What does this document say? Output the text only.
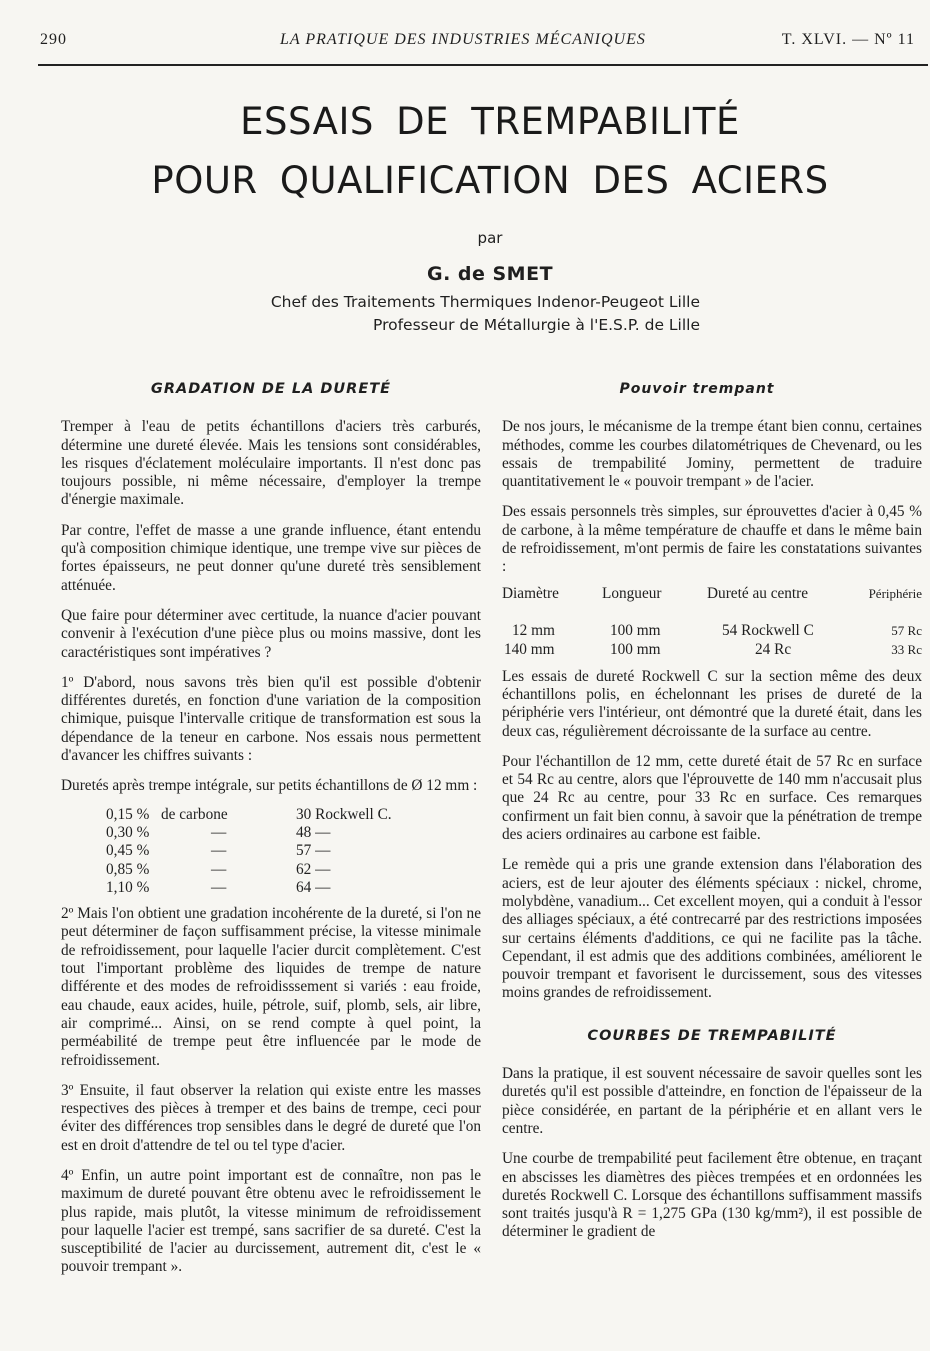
290	LA PRATIQUE DES INDUSTRIES MÉCANIQUES	T. XLVI. — Nº 11
ESSAIS DE TREMPABILITÉ
POUR QUALIFICATION DES ACIERS
par
G. de SMET
Chef des Traitements Thermiques Indenor-Peugeot Lille
Professeur de Métallurgie à l'E.S.P. de Lille
GRADATION DE LA DURETÉ

Tremper à l'eau de petits échantillons d'aciers très carburés, détermine une dureté élevée. Mais les tensions sont considérables, les risques d'éclatement moléculaire importants. Il n'est donc pas toujours possible, ni même nécessaire, d'employer la trempe d'énergie maximale.

Par contre, l'effet de masse a une grande influence, étant entendu qu'à composition chimique identique, une trempe vive sur pièces de fortes épaisseurs, ne peut donner qu'une dureté très sensiblement atténuée.

Que faire pour déterminer avec certitude, la nuance d'acier pouvant convenir à l'exécution d'une pièce plus ou moins massive, dont les caractéristiques sont impératives ?

1º D'abord, nous savons très bien qu'il est possible d'obtenir différentes duretés, en fonction d'une variation de la composition chimique, puisque l'intervalle critique de transformation est sous la dépendance de la teneur en carbone. Nos essais nous permettent d'avancer les chiffres suivants :

Duretés après trempe intégrale, sur petits échantillons de Ø 12 mm :

0,15 %	de carbone	30 Rockwell C.
0,30 %	—	48 —
0,45 %	—	57 —
0,85 %	—	62 —
1,10 %	—	64 —

2º Mais l'on obtient une gradation incohérente de la dureté, si l'on ne peut déterminer de façon suffisamment précise, la vitesse minimale de refroidissement, pour laquelle l'acier durcit complètement. C'est tout l'important problème des liquides de trempe de nature différente et des modes de refroidisssement si variés : eau froide, eau chaude, eaux acides, huile, pétrole, suif, plomb, sels, air libre, air comprimé... Ainsi, on se rend compte à quel point, la perméabilité de trempe peut être influencée par le mode de refroidissement.

3º Ensuite, il faut observer la relation qui existe entre les masses respectives des pièces à tremper et des bains de trempe, ceci pour éviter des différences trop sensibles dans le degré de dureté que l'on est en droit d'attendre de tel ou tel type d'acier.

4º Enfin, un autre point important est de connaître, non pas le maximum de dureté pouvant être obtenu avec le refroidissement le plus rapide, mais plutôt, la vitesse minimum de refroidissement pour laquelle l'acier est trempé, sans sacrifier de sa dureté. C'est la susceptibilité de l'acier au durcissement, autrement dit, c'est le « pouvoir trempant ».

Pouvoir trempant

De nos jours, le mécanisme de la trempe étant bien connu, certaines méthodes, comme les courbes dilatométriques de Chevenard, ou les essais de trempabilité Jominy, permettent de traduire quantitativement le « pouvoir trempant » de l'acier.

Des essais personnels très simples, sur éprouvettes d'acier à 0,45 % de carbone, à la même température de chauffe et dans le même bain de refroidissement, m'ont permis de faire les constatations suivantes :

Diamètre	Longueur	Dureté au centre	Périphérie
12 mm	100 mm	54 Rockwell C	57 Rc
140 mm	100 mm	24 Rc	33 Rc

Les essais de dureté Rockwell C sur la section même des deux échantillons polis, en échelonnant les prises de dureté de la périphérie vers l'intérieur, ont démontré que la dureté était, dans les deux cas, régulièrement décroissante de la surface au centre.

Pour l'échantillon de 12 mm, cette dureté était de 57 Rc en surface et 54 Rc au centre, alors que l'éprouvette de 140 mm n'accusait plus que 24 Rc au centre, pour 33 Rc en surface. Ces remarques confirment un fait bien connu, à savoir que la pénétration de trempe des aciers ordinaires au carbone est faible.

Le remède qui a pris une grande extension dans l'élaboration des aciers, est de leur ajouter des éléments spéciaux : nickel, chrome, molybdène, vanadium... Cet excellent moyen, qui a conduit à l'essor des alliages spéciaux, a été contrecarré par des restrictions imposées sur certains éléments d'additions, ce qui ne facilite pas la tâche. Cependant, il est admis que des additions combinées, améliorent le pouvoir trempant et favorisent le durcissement, sous des vitesses moins grandes de refroidissement.

COURBES DE TREMPABILITÉ

Dans la pratique, il est souvent nécessaire de savoir quelles sont les duretés qu'il est possible d'atteindre, en fonction de l'épaisseur de la pièce considérée, en partant de la périphérie et en allant vers le centre.

Une courbe de trempabilité peut facilement être obtenue, en traçant en abscisses les diamètres des pièces trempées et en ordonnées les duretés Rockwell C. Lorsque des échantillons suffisamment massifs sont traités jusqu'à R = 1,275 GPa (130 kg/mm²), il est possible de déterminer le gradient de
